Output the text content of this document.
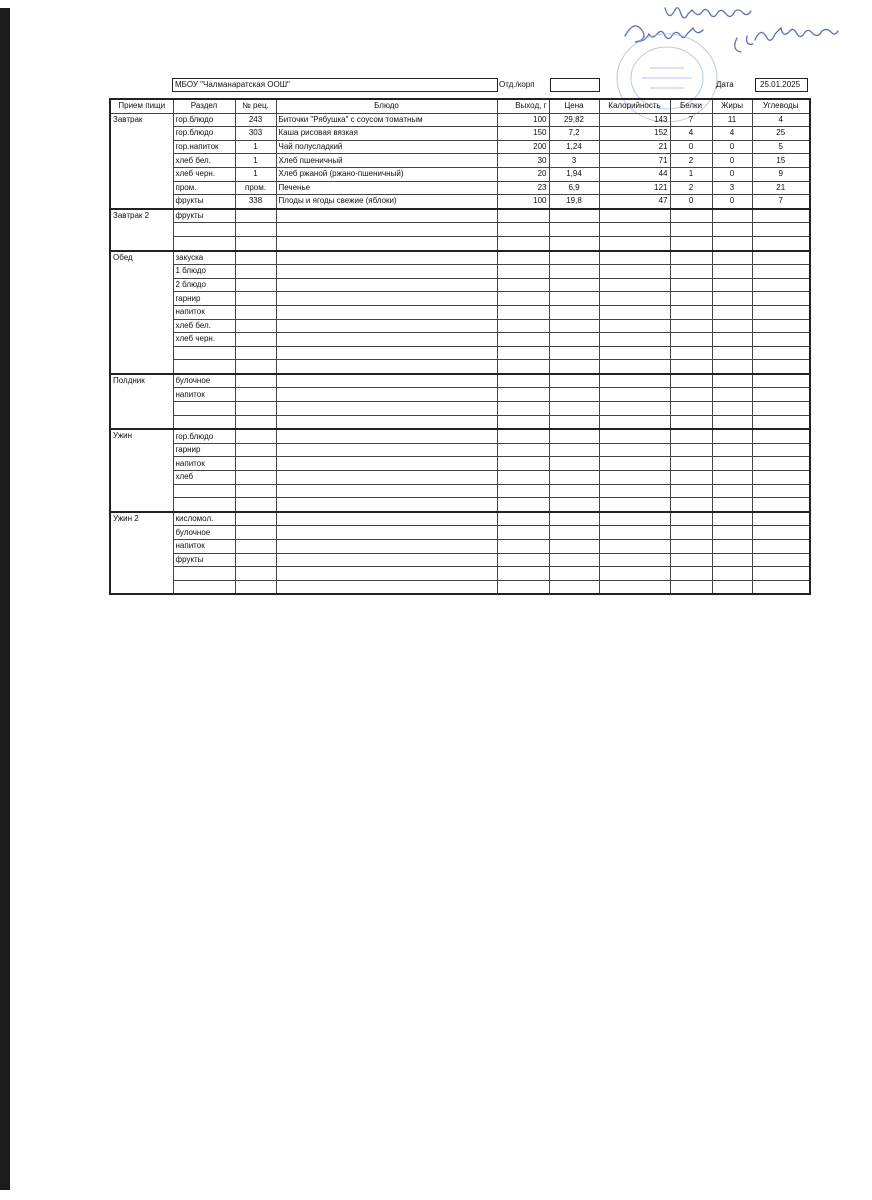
МБОУ "Чалманаратская ООШ"	Отд./корп	Дата	25.01.2025
Прием пищи	Раздел	№ рец.	Блюдо	Выход, г	Цена	Калорийность	Белки	Жиры	Углеводы
Завтрак	гор.блюдо	243	Биточки "Рябушка" с соусом томатным	100	29,82	143	7	11	4
	гор.блюдо	303	Каша рисовая вязкая	150	7,2	152	4	4	25
	гор.напиток	1	Чай полусладкий	200	1,24	21	0	0	5
	хлеб бел.	1	Хлеб пшеничный	30	3	71	2	0	15
	хлеб черн.	1	Хлеб ржаной (ржано-пшеничный)	20	1,94	44	1	0	9
	пром.	пром.	Печенье	23	6,9	121	2	3	21
	фрукты	338	Плоды и ягоды свежие (яблоки)	100	19,8	47	0	0	7
Завтрак 2	фрукты								

Обед	закуска								
	1 блюдо								
	2 блюдо								
	гарнир								
	напиток								
	хлеб бел.								
	хлеб черн.								

Полдник	булочное								
	напиток								

Ужин	гор.блюдо								
	гарнир								
	напиток								
	хлеб								

Ужин 2	кисломол.								
	булочное								
	напиток								
	фрукты								
